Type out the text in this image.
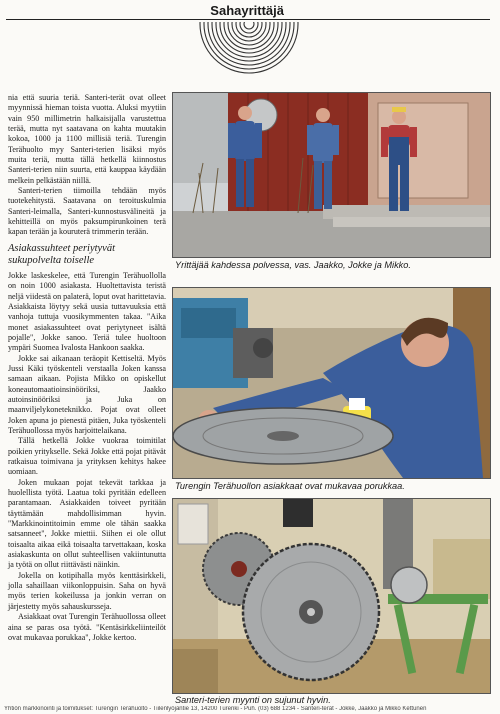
Sahayrittäjä

nia että suuria teriä. Santeri-terät ovat olleet myynnissä hieman toista vuotta. Aluksi myytiin vain 950 millimetrin halkaisijalla varustettua terää, mutta nyt saatavana on kahta muutakin kokoa, 1000 ja 1100 millisiä teriä. Turengin Terähuolto myy Santeri-terien lisäksi myös muita teriä, mutta tällä hetkellä kiinnostus Santeri-terien niin suurta, että kauppaa käydään melkein pelkästään niillä.

Santeri-terien tiimoilla tehdään myös tuotekehitystä. Saatavana on teroituskulmia Santeri-leimalla, Santeri-kunnostusvälineitä ja kehitteillä on myös paksumpirunkoinen terä kapan terään ja kouruterä trimmerin terään.

Asiakassuhteet periytyvät sukupolvelta toiselle

Jokke laskeskelee, että Turengin Terähuollolla on noin 1000 asiakasta. Huoltettavista teristä neljä viidestä on palaterä, loput ovat harittetavia. Asiakkaista löytyy sekä uusia tuttavuuksia että vanhoja tuttuja vuosikymmenten takaa. "Aika monet asiakassuhteet ovat periytyneet isältä pojalle", Jokke sanoo. Teriä tulee huoltoon ympäri Suomea Ivalosta Hankoon saakka.

Jokke sai aikanaan teräopit Kettiseltä. Myös Jussi Käki työskenteli verstaalla Joken kanssa samaan aikaan. Pojista Mikko on opiskellut koneautomaatioinsinööriksi, Jaakko autoinsinööriksi ja Juka on maanviljelykoneteknikko. Pojat ovat olleet Joken apuna jo pienestä pitäen, Juka työskenteli Terähuollossa myös harjoittelaikana.

Tällä hetkellä Jokke vuokraa toimitilat poikien yritykselle. Sekä Jokke että pojat pitävät ratkaisua toimivana ja yrityksen kehitys hakee uomiaan.

Joken mukaan pojat tekevät tarkkaa ja huolellista työtä. Laatua toki pyritään edelleen parantamaan. Asiakkaiden toiveet pyritään täyttämään mahdollisimman hyvin. "Markkinointitoimin emme ole tähän saakka satsanneet", Jokke miettii. Siihen ei ole ollut toisaalta aikaa eikä toisaalta tarvettakaan, koska asiakaskunta on ollut suhteellisen vakiintunutta ja työtä on ollut riittävästi näinkin.

Jokella on kotipihalla myös kenttäsirkkeli, jolla sahaillaan viikonloppuisin. Saha on hyvä myös terien kokeilussa ja jonkin verran on järjestetty myös sahauskursseja.

Asiakkaat ovat Turengin Terähuollossa olleet aina se paras osa työtä. "Kentäsirkkeliinteilöt ovat mukavaa porukkaa", Jokke kertoo.

Yrittäjää kahdessa polvessa, vas. Jaakko, Jokke ja Mikko.
Turengin Terähuollon asiakkaat ovat mukavaa porukkaa.
Santeri-terien myynti on sujunut hyvin.
Yhtiön markkinointi ja toimitukset: Turengin Terähuolto - Tiilenlyöjäntie 13, 14200 Turenki - Puh. (03) 688 1234 - Santeri-terät - Jokke, Jaakko ja Mikko Kettunen
